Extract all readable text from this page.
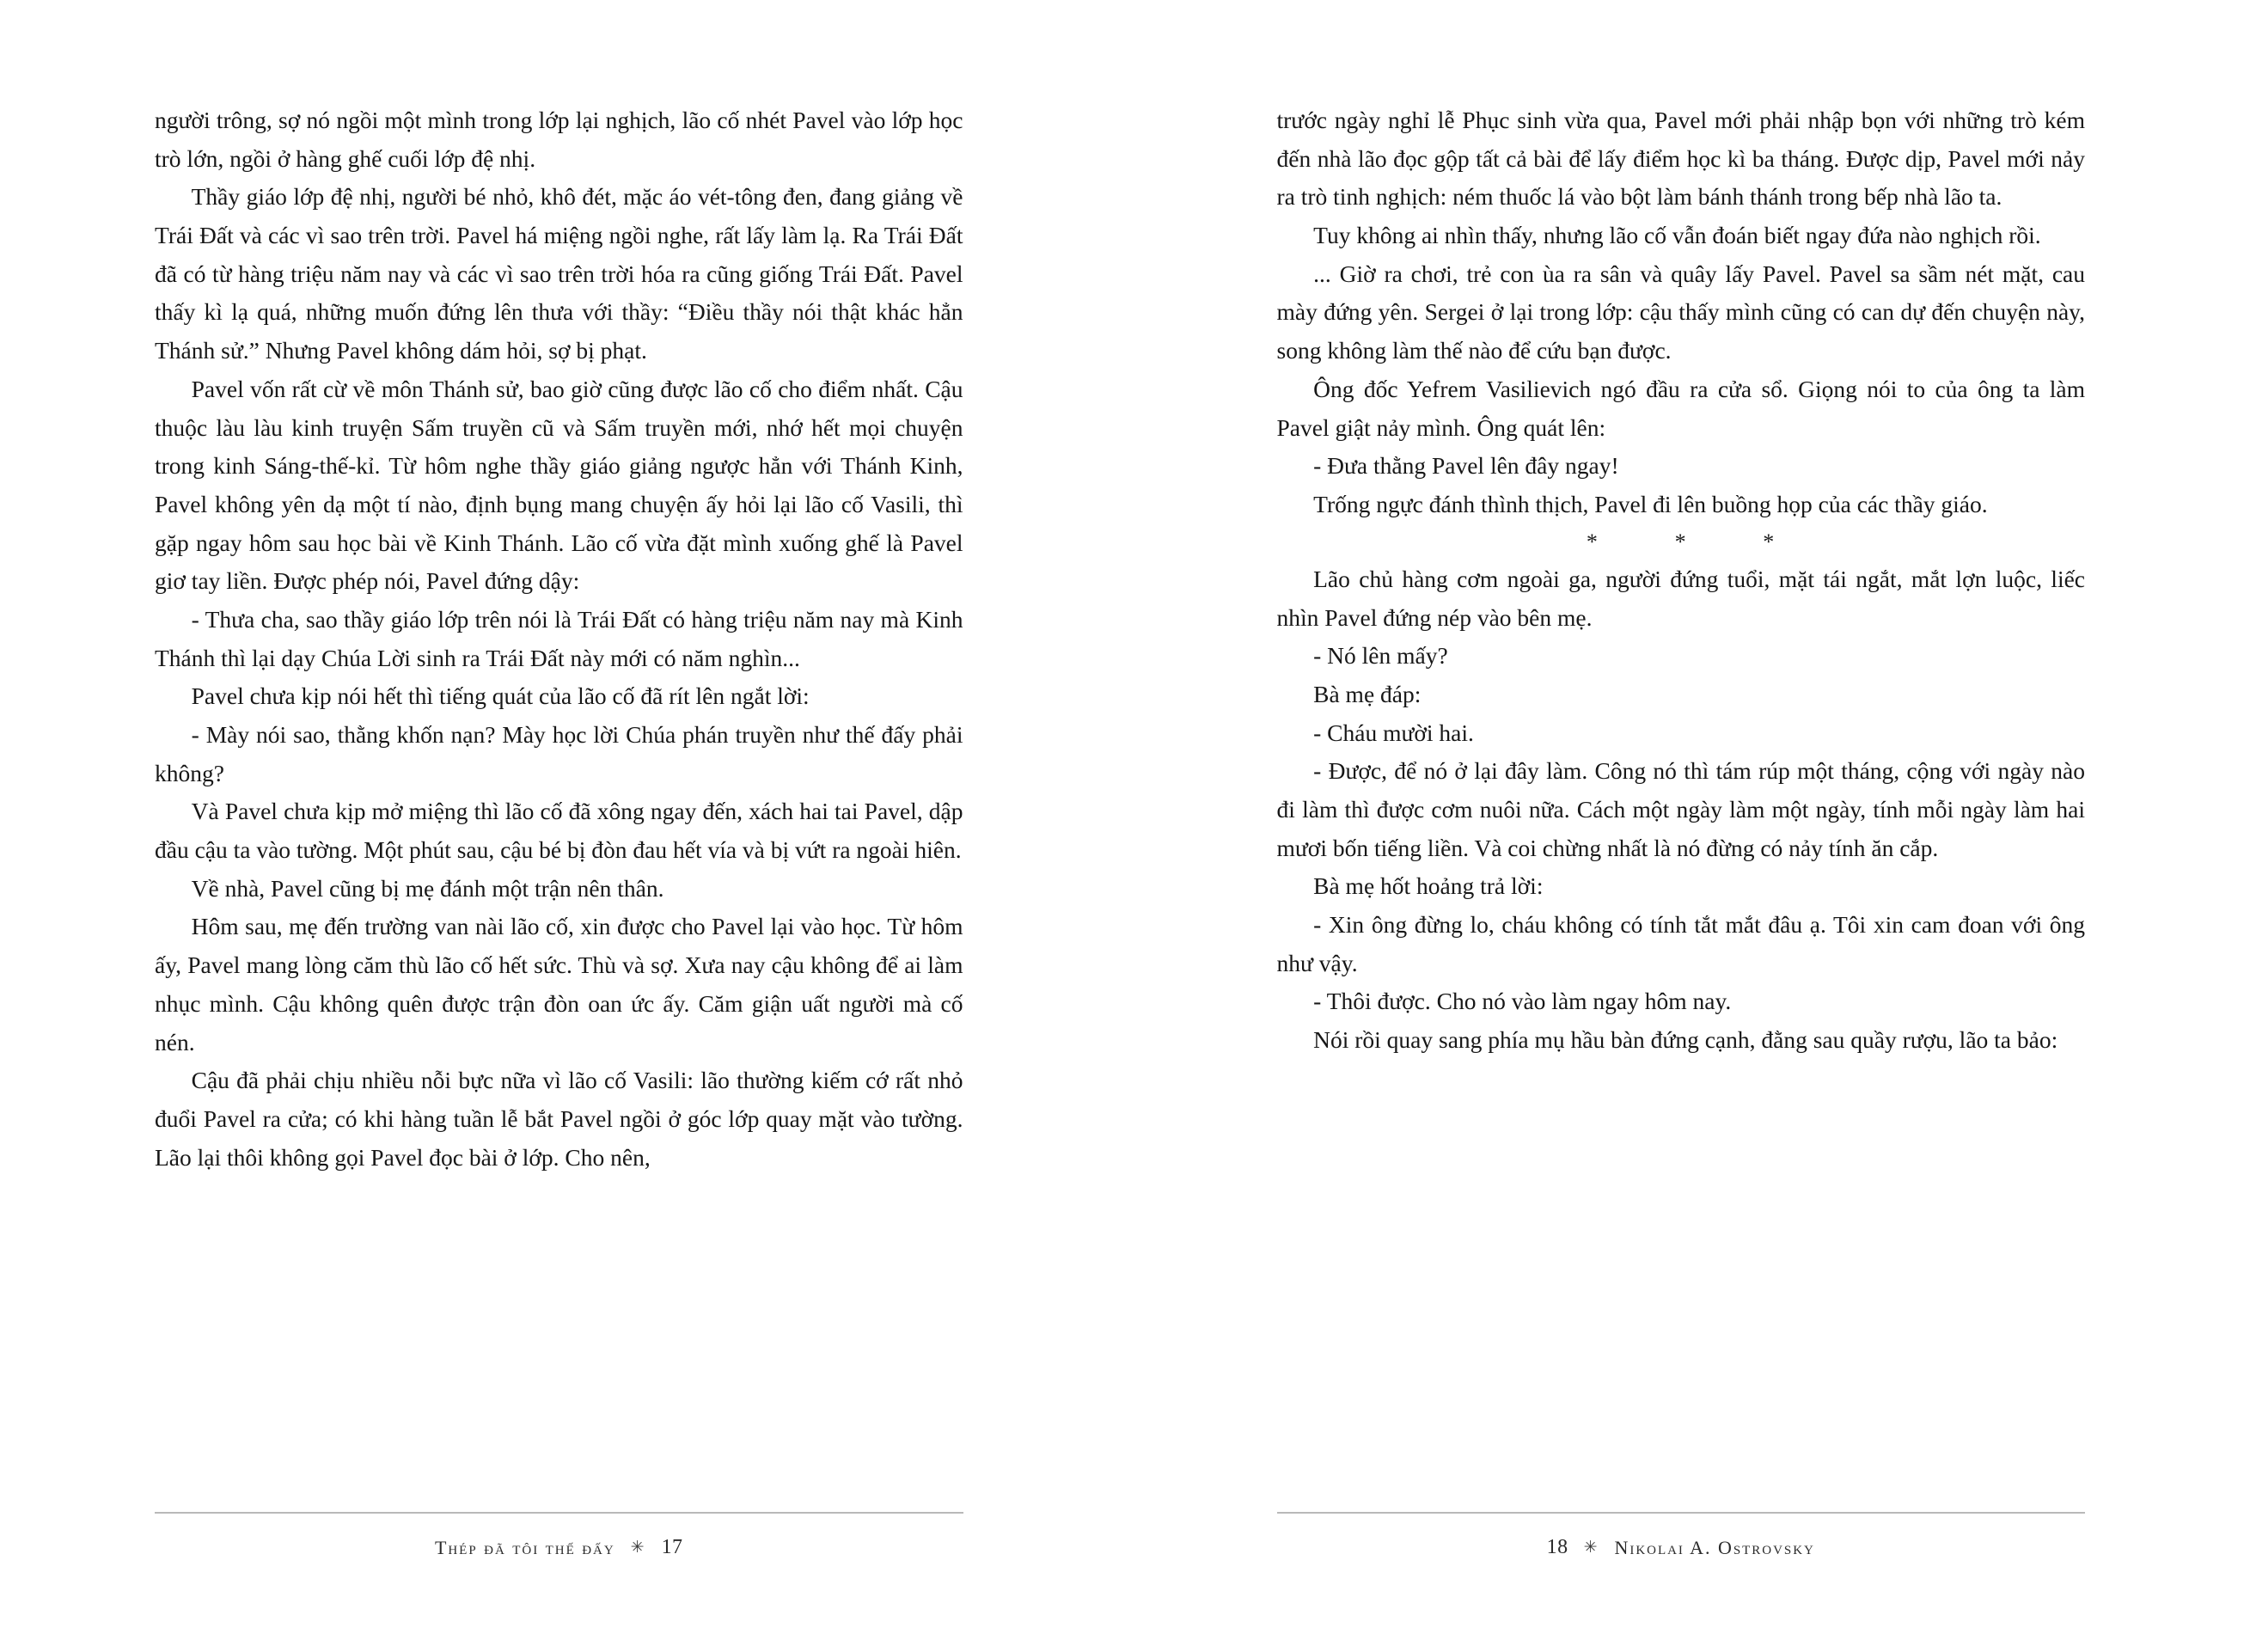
người trông, sợ nó ngồi một mình trong lớp lại nghịch, lão cố nhét Pavel vào lớp học trò lớn, ngồi ở hàng ghế cuối lớp đệ nhị.

Thầy giáo lớp đệ nhị, người bé nhỏ, khô đét, mặc áo vét-tông đen, đang giảng về Trái Đất và các vì sao trên trời. Pavel há miệng ngồi nghe, rất lấy làm lạ. Ra Trái Đất đã có từ hàng triệu năm nay và các vì sao trên trời hóa ra cũng giống Trái Đất. Pavel thấy kì lạ quá, những muốn đứng lên thưa với thầy: “Điều thầy nói thật khác hẳn Thánh sử.” Nhưng Pavel không dám hỏi, sợ bị phạt.

Pavel vốn rất cừ về môn Thánh sử, bao giờ cũng được lão cố cho điểm nhất. Cậu thuộc làu làu kinh truyện Sấm truyền cũ và Sấm truyền mới, nhớ hết mọi chuyện trong kinh Sáng-thế-kỉ. Từ hôm nghe thầy giáo giảng ngược hẳn với Thánh Kinh, Pavel không yên dạ một tí nào, định bụng mang chuyện ấy hỏi lại lão cố Vasili, thì gặp ngay hôm sau học bài về Kinh Thánh. Lão cố vừa đặt mình xuống ghế là Pavel giơ tay liền. Được phép nói, Pavel đứng dậy:

- Thưa cha, sao thầy giáo lớp trên nói là Trái Đất có hàng triệu năm nay mà Kinh Thánh thì lại dạy Chúa Lời sinh ra Trái Đất này mới có năm nghìn...

Pavel chưa kịp nói hết thì tiếng quát của lão cố đã rít lên ngắt lời:

- Mày nói sao, thằng khốn nạn? Mày học lời Chúa phán truyền như thế đấy phải không?

Và Pavel chưa kịp mở miệng thì lão cố đã xông ngay đến, xách hai tai Pavel, dập đầu cậu ta vào tường. Một phút sau, cậu bé bị đòn đau hết vía và bị vứt ra ngoài hiên.

Về nhà, Pavel cũng bị mẹ đánh một trận nên thân.

Hôm sau, mẹ đến trường van nài lão cố, xin được cho Pavel lại vào học. Từ hôm ấy, Pavel mang lòng căm thù lão cố hết sức. Thù và sợ. Xưa nay cậu không để ai làm nhục mình. Cậu không quên được trận đòn oan ức ấy. Căm giận uất người mà cố nén.

Cậu đã phải chịu nhiều nỗi bực nữa vì lão cố Vasili: lão thường kiếm cớ rất nhỏ đuổi Pavel ra cửa; có khi hàng tuần lễ bắt Pavel ngồi ở góc lớp quay mặt vào tường. Lão lại thôi không gọi Pavel đọc bài ở lớp. Cho nên,

Thép đã tôi thế đấy ✳ 17

trước ngày nghỉ lễ Phục sinh vừa qua, Pavel mới phải nhập bọn với những trò kém đến nhà lão đọc gộp tất cả bài để lấy điểm học kì ba tháng. Được dịp, Pavel mới nảy ra trò tinh nghịch: ném thuốc lá vào bột làm bánh thánh trong bếp nhà lão ta.

Tuy không ai nhìn thấy, nhưng lão cố vẫn đoán biết ngay đứa nào nghịch rồi.

... Giờ ra chơi, trẻ con ùa ra sân và quây lấy Pavel. Pavel sa sầm nét mặt, cau mày đứng yên. Sergei ở lại trong lớp: cậu thấy mình cũng có can dự đến chuyện này, song không làm thế nào để cứu bạn được.

Ông đốc Yefrem Vasilievich ngó đầu ra cửa sổ. Giọng nói to của ông ta làm Pavel giật nảy mình. Ông quát lên:

- Đưa thằng Pavel lên đây ngay!

Trống ngực đánh thình thịch, Pavel đi lên buồng họp của các thầy giáo.

* * *

Lão chủ hàng cơm ngoài ga, người đứng tuổi, mặt tái ngắt, mắt lợn luộc, liếc nhìn Pavel đứng nép vào bên mẹ.

- Nó lên mấy?

Bà mẹ đáp:

- Cháu mười hai.

- Được, để nó ở lại đây làm. Công nó thì tám rúp một tháng, cộng với ngày nào đi làm thì được cơm nuôi nữa. Cách một ngày làm một ngày, tính mỗi ngày làm hai mươi bốn tiếng liền. Và coi chừng nhất là nó đừng có nảy tính ăn cắp.

Bà mẹ hốt hoảng trả lời:

- Xin ông đừng lo, cháu không có tính tắt mắt đâu ạ. Tôi xin cam đoan với ông như vậy.

- Thôi được. Cho nó vào làm ngay hôm nay.

Nói rồi quay sang phía mụ hầu bàn đứng cạnh, đằng sau quầy rượu, lão ta bảo:

18 ✳ Nikolai A. Ostrovsky
